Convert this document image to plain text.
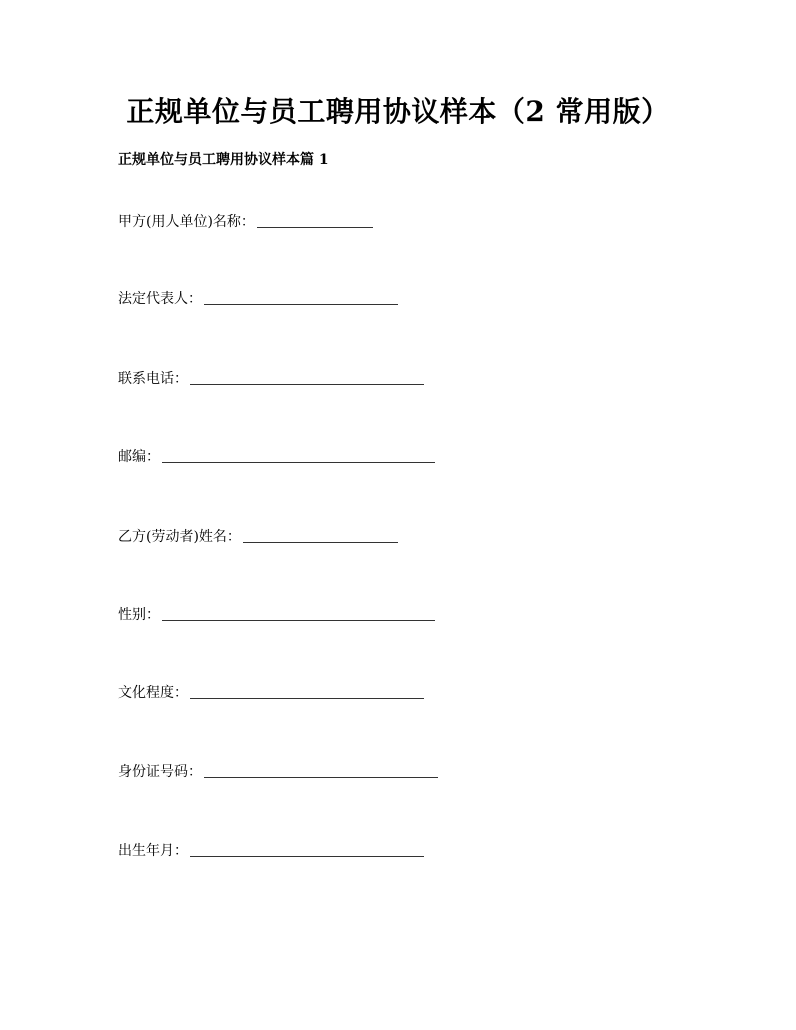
正规单位与员工聘用协议样本（2 常用版）
正规单位与员工聘用协议样本篇 1
甲方(用人单位)名称：
法定代表人：
联系电话：
邮编：
乙方(劳动者)姓名：
性别：
文化程度：
身份证号码：
出生年月：
